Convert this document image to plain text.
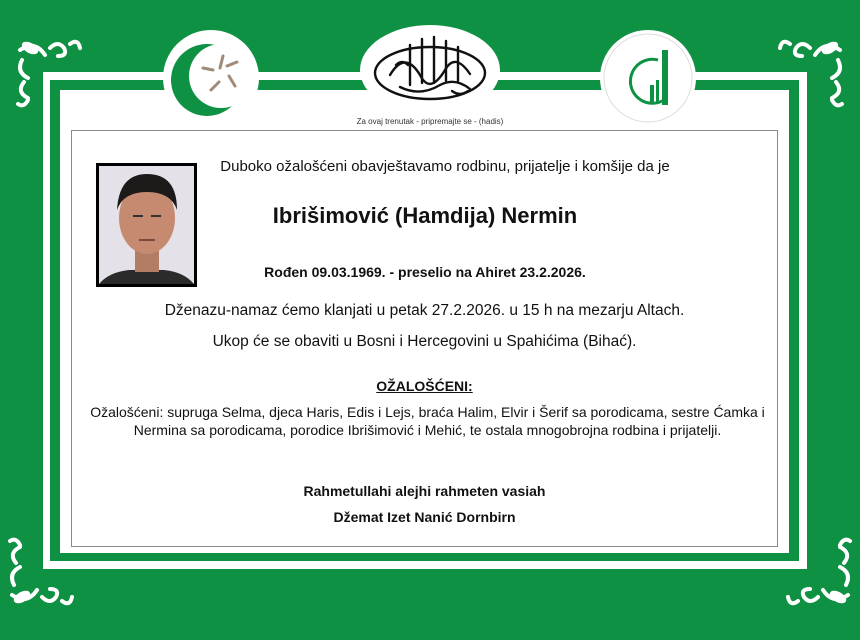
Za ovaj trenutak - pripremajte se - (hadis)
Duboko ožalošćeni obavještavamo rodbinu, prijatelje i komšije da je
Ibrišimović (Hamdija) Nermin
Rođen 09.03.1969. - preselio na Ahiret 23.2.2026.
Dženazu-namaz ćemo klanjati u petak 27.2.2026. u 15 h na mezarju Altach.
Ukop će se obaviti u Bosni i Hercegovini u Spahićima (Bihać).
OŽALOŠĆENI:
Ožalošćeni: supruga Selma, djeca Haris, Edis i Lejs, braća Halim, Elvir i Šerif sa porodicama, sestre Ćamka i Nermina sa porodicama, porodice Ibrišimović i Mehić, te ostala mnogobrojna rodbina i prijatelji.
Rahmetullahi alejhi rahmeten vasiah
Džemat Izet Nanić Dornbirn
